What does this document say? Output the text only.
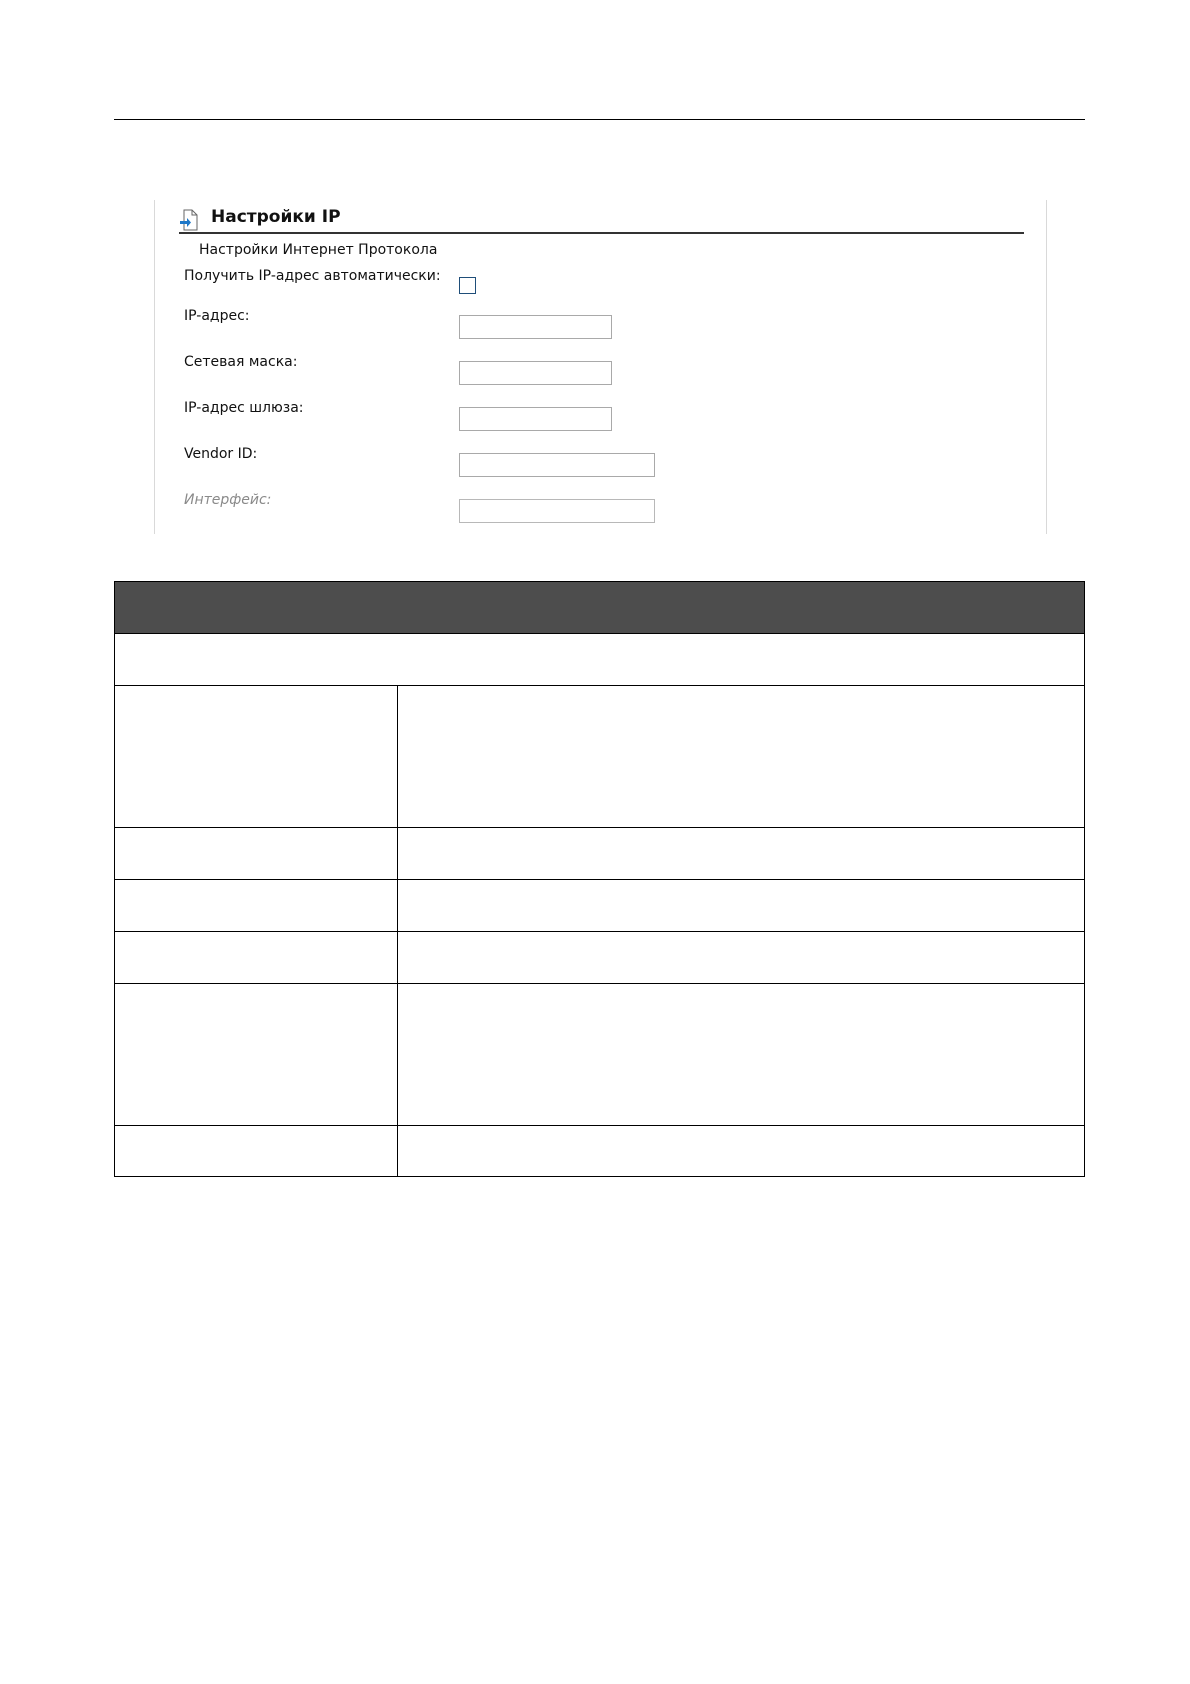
Настройки IP
Настройки Интернет Протокола
Получить IP-адрес автоматически:
IP-адрес:
Сетевая маска:
IP-адрес шлюза:
Vendor ID:
Интерфейс:
